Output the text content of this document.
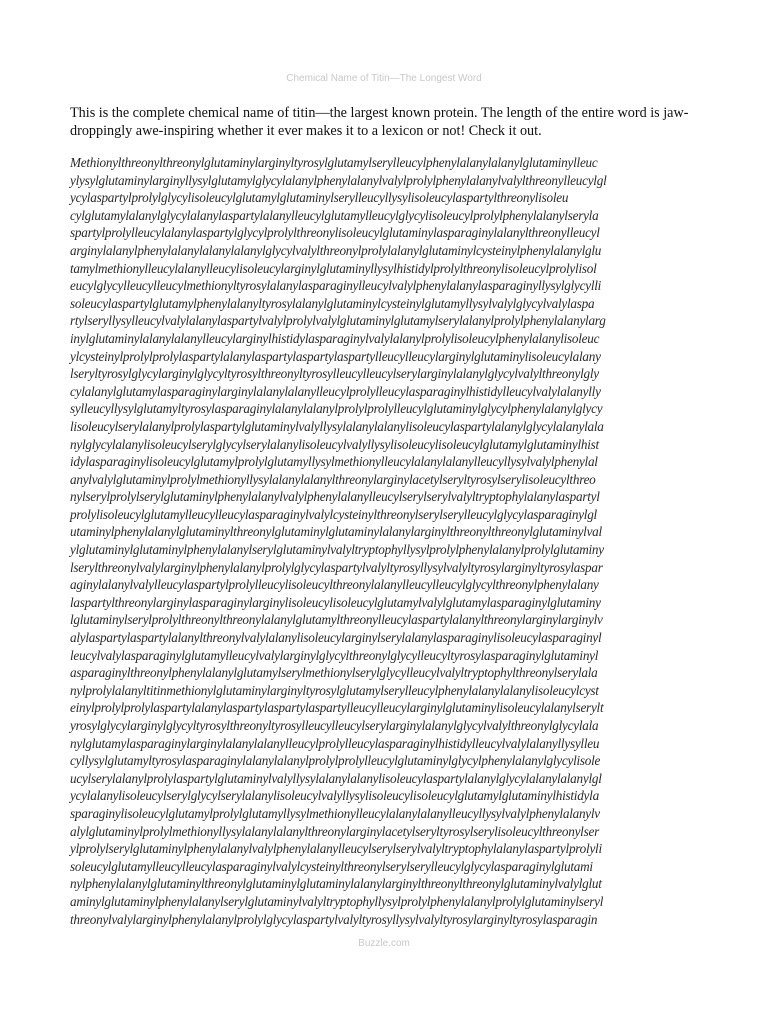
Chemical Name of Titin—The Longest Word

This is the complete chemical name of titin—the largest known protein. The length of the entire word is jaw-droppingly awe-inspiring whether it ever makes it to a lexicon or not! Check it out.

Methionylthreonylthreonylglutaminylarginyltyrosylglutamylserylleucylphenylalanylalanylglutaminylleuc
ylysylglutaminylarginyllysylglutamylglycylalanylphenylalanylvalylprolylphenylalanylvalylthreonylleucylgl
ycylaspartylprolylglycylisoleucylglutamylglutaminylserylleucyllysylisoleucylaspartylthreonylisoleu
cylglutamylalanylglycylalanylaspartylalanylleucylglutamylleucylglycylisoleucylprolylphenylalanylseryla
spartylprolylleucylalanylaspartylglycylprolylthreonylisoleucylglutaminylasparaginylalanylthreonylleucyl
arginylalanylphenylalanylalanylalanylglycylvalylthreonylprolylalanylglutaminylcysteinylphenylalanylglu
tamylmethionylleucylalanylleucylisoleucylarginylglutaminyllysylhistidylprolylthreonylisoleucylprolylisol
eucylglycylleucylleucylmethionyltyrosylalanylasparaginylleucylvalylphenylalanylasparaginyllysylglycylli
soleucylaspartylglutamylphenylalanyltyrosylalanylglutaminylcysteinylglutamyllysylvalylglycylvalylaspa
rtylseryllysylleucylvalylalanylaspartylvalylprolylvalylglutaminylglutamylserylalanylprolylphenylalanylarg
inylglutaminylalanylalanylleucylarginylhistidylasparaginylvalylalanylprolylisoleucylphenylalanylisoleuc
ylcysteinylprolylprolylaspartylalanylaspartylaspartylaspartylleucylleucylarginylglutaminylisoleucylalany
lseryltyrosylglycylarginylglycyltyrosylthreonyltyrosylleucylleucylserylarginylalanylglycylvalylthreonylgly
cylalanylglutamylasparaginylarginylalanylalanylleucylprolylleucylasparaginylhistidylleucylvalylalanylly
sylleucyllysylglutamyltyrosylasparaginylalanylalanylprolylprolylleucylglutaminylglycylphenylalanylglycy
lisoleucylserylalanylprolylaspartylglutaminylvalyllysylalanylalanylisoleucylaspartylalanylglycylalanylala
nylglycylalanylisoleucylserylglycylserylalanylisoleucylvalyllysylisoleucylisoleucylglutamylglutaminylhist
idylasparaginylisoleucylglutamylprolylglutamyllysylmethionylleucylalanylalanylleucyllysylvalylphenylal
anylvalylglutaminylprolylmethionyllysylalanylalanylthreonylarginylacetylseryltyrosylserylisoleucylthreo
nylserylprolylserylglutaminylphenylalanylvalylphenylalanylleucylserylserylvalyltryptophylalanylaspartyl
prolylisoleucylglutamylleucylleucylasparaginylvalylcysteinylthreonylserylserylleucylglycylasparaginylgl
utaminylphenylalanylglutaminylthreonylglutaminylglutaminylalanylarginylthreonylthreonylglutaminylval
ylglutaminylglutaminylphenylalanylserylglutaminylvalyltryptophyllysylprolylphenylalanylprolylglutaminy
lserylthreonylvalylarginylphenylalanylprolylglycylaspartylvalyltyrosyllysylvalyltyrosylarginyltyrosylaspar
aginylalanylvalylleucylaspartylprolylleucylisoleucylthreonylalanylleucylleucylglycylthreonylphenylalany
laspartylthreonylarginylasparaginylarginylisoleucylisoleucylglutamylvalylglutamylasparaginylglutaminy
lglutaminylserylprolylthreonylthreonylalanylglutamylthreonylleucylaspartylalanylthreonylarginylarginylv
alylaspartylaspartylalanylthreonylvalylalanylisoleucylarginylserylalanylasparaginylisoleucylasparaginyl
leucylvalylasparaginylglutamylleucylvalylarginylglycylthreonylglycylleucyltyrosylasparaginylglutaminyl
asparaginylthreonylphenylalanylglutamylserylmethionylserylglycylleucylvalyltryptophylthreonylserylala
nylprolylalanyltitinmethionylglutaminylarginyltyrosylglutamylserylleucylphenylalanylalanylisoleucylcyst
einylprolylprolylaspartylalanylaspartylaspartylaspartylleucylleucylarginylglutaminylisoleucylalanylserylt
yrosylglycylarginylglycyltyrosylthreonyltyrosylleucylleucylserylarginylalanylglycylvalylthreonylglycylala
nylglutamylasparaginylarginylalanylalanylleucylprolylleucylasparaginylhistidylleucylvalylalanyllysylleu
cyllysylglutamyltyrosylasparaginylalanylalanylprolylprolylleucylglutaminylglycylphenylalanylglycylisole
ucylserylalanylprolylaspartylglutaminylvalyllysylalanylalanylisoleucylaspartylalanylglycylalanylalanylgl
ycylalanylisoleucylserylglycylserylalanylisoleucylvalyllysylisoleucylisoleucylglutamylglutaminylhistidyla
sparaginylisoleucylglutamylprolylglutamyllysylmethionylleucylalanylalanylleucyllysylvalylphenylalanylv
alylglutaminylprolylmethionyllysylalanylalanylthreonylarginylacetylseryltyrosylserylisoleucylthreonylser
ylprolylserylglutaminylphenylalanylvalylphenylalanylleucylserylserylvalyltryptophylalanylaspartylprolyli
soleucylglutamylleucylleucylasparaginylvalylcysteinylthreonylserylserylleucylglycylasparaginylglutami
nylphenylalanylglutaminylthreonylglutaminylglutaminylalanylarginylthreonylthreonylglutaminylvalylglut
aminylglutaminylphenylalanylserylglutaminylvalyltryptophyllysylprolylphenylalanylprolylglutaminylseryl
threonylvalylarginylphenylalanylprolylglycylaspartylvalyltyrosyllysylvalyltyrosylarginyltyrosylasparagin
Buzzle.com
